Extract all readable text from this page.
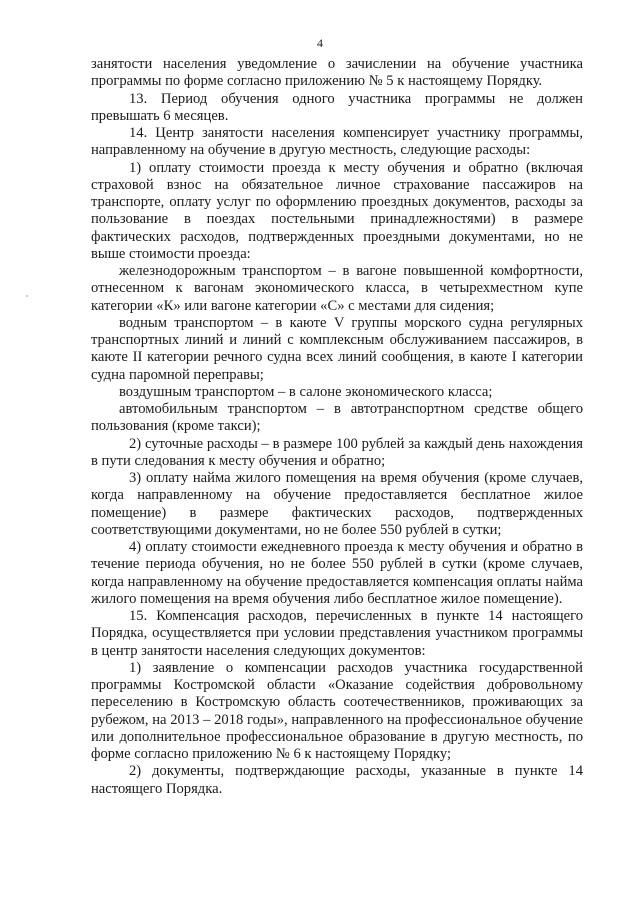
4

занятости населения уведомление о зачислении на обучение участника программы по форме согласно приложению № 5 к настоящему Порядку.

13. Период обучения одного участника программы не должен превышать 6 месяцев.

14. Центр занятости населения компенсирует участнику программы, направленному на обучение в другую местность, следующие расходы:

1) оплату стоимости проезда к месту обучения и обратно (включая страховой взнос на обязательное личное страхование пассажиров на транспорте, оплату услуг по оформлению проездных документов, расходы за пользование в поездах постельными принадлежностями) в размере фактических расходов, подтвержденных проездными документами, но не выше стоимости проезда:

железнодорожным транспортом – в вагоне повышенной комфортности, отнесенном к вагонам экономического класса, в четырехместном купе категории «К» или вагоне категории «С» с местами для сидения;

водным транспортом – в каюте V группы морского судна регулярных транспортных линий и линий с комплексным обслуживанием пассажиров, в каюте II категории речного судна всех линий сообщения, в каюте I категории судна паромной переправы;

воздушным транспортом – в салоне экономического класса;

автомобильным транспортом – в автотранспортном средстве общего пользования (кроме такси);

2) суточные расходы – в размере 100 рублей за каждый день нахождения в пути следования к месту обучения и обратно;

3) оплату найма жилого помещения на время обучения (кроме случаев, когда направленному на обучение предоставляется бесплатное жилое помещение) в размере фактических расходов, подтвержденных соответствующими документами, но не более 550 рублей в сутки;

4) оплату стоимости ежедневного проезда к месту обучения и обратно в течение периода обучения, но не более 550 рублей в сутки (кроме случаев, когда направленному на обучение предоставляется компенсация оплаты найма жилого помещения на время обучения либо бесплатное жилое помещение).

15. Компенсация расходов, перечисленных в пункте 14 настоящего Порядка, осуществляется при условии представления участником программы в центр занятости населения следующих документов:

1) заявление о компенсации расходов участника государственной программы Костромской области «Оказание содействия добровольному переселению в Костромскую область соотечественников, проживающих за рубежом, на 2013 – 2018 годы», направленного на профессиональное обучение или дополнительное профессиональное образование в другую местность, по форме согласно приложению № 6 к настоящему Порядку;

2) документы, подтверждающие расходы, указанные в пункте 14 настоящего Порядка.
